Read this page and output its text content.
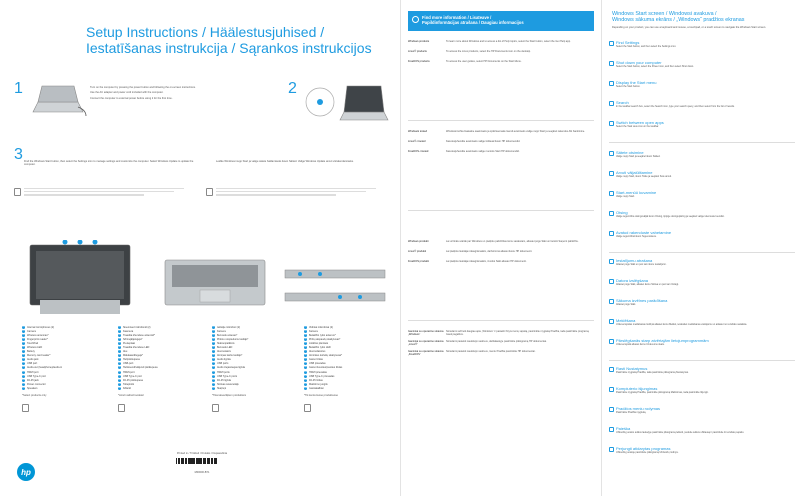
Setup Instructions / Häälestusjuhised /
Iestatīšanas instrukcija / Sąrankos instrukcijos
1	Turn on the computer by pressing the power button and following the on-screen instructions.
Use the AC adapter and power cord included with the computer.
Connect the computer to external power before using it for the first time.
2
3 Find the Windows Start button, then select the Settings icon to manage settings and customize the computer. Select Windows Update to update the computer.
Leidke Windowsi nupp Start ja valige sätete haldamiseks ikoon Sätted. Valige Windows Update arvuti värskendamiseks.
1	Internal microphones (2)
2	Camera
3	Wireless antennas*
4	Fingerprint reader*
5	TouchPad
6	Wireless LED
7	Battery
8	Memory card reader*
9	Audio jack
10 USB port
11 Audio-out (headphone)/audio-in
12 HDMI port
13 USB Type-C port
14 RJ-45 jack
15 Power connector
16 Speakers
1	Sisemised mikrofonid (2)
2	Kaamera
3	Traadita ühenduse antennid*
4	Sõrmejäljelugeja*
5	Puuteplaat
6	Traadita ühenduse LED
7	Aku
8	Mälukaardilugeja*
9	Helipistikupesa
10 USB-port
11 Helisisendi/väljundi pistikupesa
12 HDMI-port
13 USB Type-C port
14 RJ-45 pistikupesa
15 Toitepistik
16 Kõlarid
1	Iekšējie mikrofoni (2)
2	Kamera
3	Bezvadu antenas*
4	Pirkstu nospiedumu lasītājs*
5	Skārienpaliktnis
6	Bezvadu LED
7	Akumulators
8	Atmiņas karšu lasītājs*
9	Audio ligzda
10 USB ports
11 Audio izejas/ieejas ligzda
12 HDMI ports
13 USB Type-C ports
14 RJ-45 ligzda
15 Strāvas savienotājs
16 Skaļruņi
1	Vidiniai mikrofonai (2)
2	Kamera
3	Belaidžio ryšio antenos*
4	Pirštų atspaudų skaitytuvas*
5	Jutiklinė planšetė
6	Belaidžio ryšio LED
7	Akumuliatorius
8	Atminties kortelių skaitytuvas*
9	Garso lizdas
10 USB prievadas
11 Garso išvesties/įvesties lizdas
12 HDMI prievadas
13 USB Type-C prievadas
14 RJ-45 lizdas
15 Maitinimo jungtis
16 Garsiakalbiai
*Select products only	*Ainult valitud toodetel	*Tikai atsevišķiem produktiem	*Tik kai kuriuose produktuose
hp
Printed in / Trükitud / Drukāts / Išspausdinta
M00000-B71
Find more information / Lisateave /
Papildinformācijas atrašana / Daugiau informacijos
Windows products	To learn more about Windows and to access a list of Help topics, select the Start button, select the Get Help app.
Linux® products	To access the Linux products, select the HP Documents icon on the desktop.
FreeDOS products	To access the user guides, select HP Documents on the Start Menu.
Windowsi tooted	Windowsi kohta lisateabe saamiseks ja spikriteemade loendi avamiseks valige nupp Start ja seejärel rakendus Abi hankimine.
Linux®-i tooted	Kasutusjuhendite avamiseks valige töölaual ikoon HP dokumendid.
FreeDOS-i tooted	Kasutusjuhendite avamiseks valige menüüs Start HP dokumendid.
Windows produkti	Lai uzzinātu vairāk par Windows un piekļūtu palīdzības tēmu sarakstam, atlasiet pogu Sākt un lietotni Saņemt palīdzību.
Linux® produkti	Lai piekļūtu lietotāja rokasgrāmatām, darbvirsmā atlasiet ikonu HP dokumenti.
FreeDOS produkti	Lai piekļūtu lietotāja rokasgrāmatām, izvēlnē Sākt atlasiet HP dokumenti.
Gaminiai su operacine sistema „Windows“
Norėdami sužinoti daugiau apie „Windows“ ir pasiekti žinyno temų sąrašą, pasirinkite mygtuką Pradžia, tada pasirinkite programą Gauti pagalbos.
Gaminiai su operacine sistema „Linux®“
Norėdami pasiekti naudotojo vadovus, darbalaukyje pasirinkite piktogramą HP dokumentai.
Gaminiai su operacine sistema „FreeDOS“
Norėdami pasiekti naudotojo vadovus, meniu Pradžia pasirinkite HP dokumentai.
Windows Start screen / Windowsi avakuva /
Windows sākuma ekrāns / „Windows“ pradžios ekranas
Depending on your product, you can use a keyboard and mouse, a touchpad, or a touch screen to navigate the Windows Start screen.
Find Settings
Select the Start button, and then select the Settings icon.
Shut down your computer
Select the Start button, select the Power icon, and then select Shut down.
Display the Start menu
Select the Start button.
Search
In the taskbar search box, select the Search icon, type your search query, and then select from the list of results.
Switch between open apps
Select the Task view icon on the taskbar.
Sätete otsimine
Valige nupp Start ja seejärel ikoon Sätted.
Arvuti väljalülitamine
Valige nupp Start, ikoon Toide ja seejärel Sule arvuti.
Start-menüü kuvamine
Valige nupp Start.
Otsing
Valige tegumiriba otsinguväljal ikoon Otsing, tippige otsingupäring ja seejärel valige tulemuste loendist.
Avatud rakenduste vahetamine
Valige tegumiribal ikoon Tegevuskuva.
Iestatījumu atrašana
Atlasiet pogu Sākt un pēc tam ikonu Iestatījumi.
Datora izslēgšana
Atlasiet pogu Sākt, atlasiet ikonu Strāva un pēc tam Izslēgt.
Sākuma izvēlnes parādīšana
Atlasiet pogu Sākt.
Meklēšana
Uzdevumjoslas meklēšanas lodziņā atlasiet ikonu Meklēt, ierakstiet meklēšanas vaicājumu un atlasiet no rezultātu saraksta.
Pārslēgšanās starp atvērtajām lietojumprogrammām
Uzdevumjoslā atlasiet ikonu Uzdevumu skats.
Rasti Nustatymus
Pasirinkite mygtuką Pradžia, tada pasirinkite piktogramą Nustatymai.
Kompiuterio išjungimas
Pasirinkite mygtuką Pradžia, pasirinkite piktogramą Maitinimas, tada pasirinkite Išjungti.
Pradžios meniu rodymas
Pasirinkite Pradžia mygtuką.
Paieška
Užduočių juostos ieškos laukelyje pasirinkite piktogramą Ieškoti, įveskite ieškos užklausą ir pasirinkite iš rezultatų sąrašo.
Perjungti atidarytas programas
Užduočių juostoje pasirinkite piktogramą Užduočių rodinys.
